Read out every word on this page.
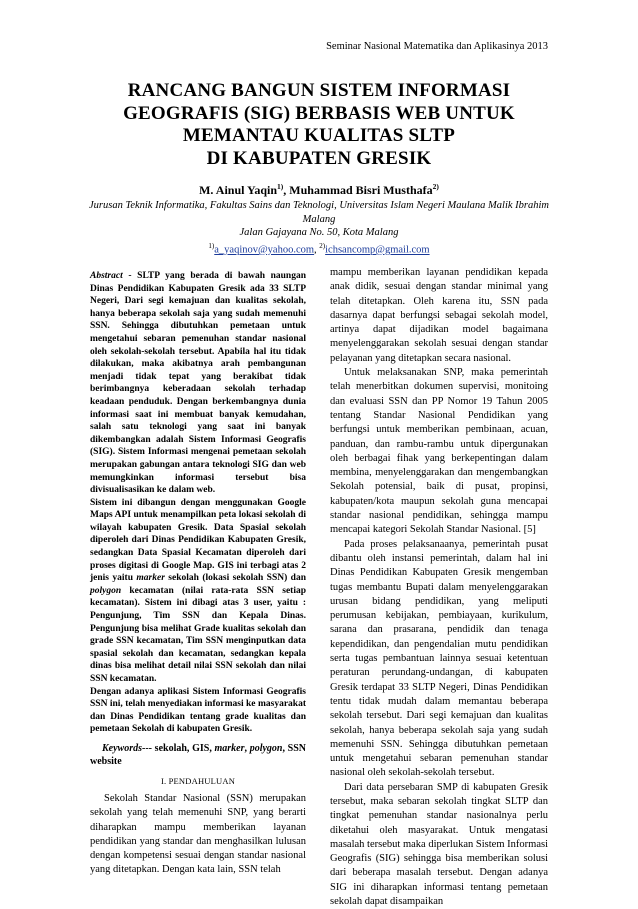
Seminar Nasional Matematika dan Aplikasinya 2013
RANCANG BANGUN SISTEM INFORMASI
GEOGRAFIS (SIG) BERBASIS WEB UNTUK
MEMANTAU KUALITAS SLTP
DI KABUPATEN GRESIK
M. Ainul Yaqin$^{1)}$, Muhammad Bisri Musthafa$^{2)}$
Jurusan Teknik Informatika, Fakultas Sains dan Teknologi, Universitas Islam Negeri Maulana Malik Ibrahim Malang
Jalan Gajayana No. 50, Kota Malang
$^{1)}$a_yaqinov@yahoo.com, $^{2)}$ichsancomp@gmail.com

Abstract - SLTP yang berada di bawah naungan Dinas Pendidikan Kabupaten Gresik ada 33 SLTP Negeri, Dari segi kemajuan dan kualitas sekolah, hanya beberapa sekolah saja yang sudah memenuhi SSN. Sehingga dibutuhkan pemetaan untuk mengetahui sebaran pemenuhan standar nasional oleh sekolah-sekolah tersebut. Apabila hal itu tidak dilakukan, maka akibatnya arah pembangunan menjadi tidak tepat yang berakibat tidak berimbangnya keberadaan sekolah terhadap keadaan penduduk. Dengan berkembangnya dunia informasi saat ini membuat banyak kemudahan, salah satu teknologi yang saat ini banyak dikembangkan adalah Sistem Informasi Geografis (SIG). Sistem Informasi mengenai pemetaan sekolah merupakan gabungan antara teknologi SIG dan web memungkinkan informasi tersebut bisa divisualisasikan ke dalam web.

Sistem ini dibangun dengan menggunakan Google Maps API untuk menampilkan peta lokasi sekolah di wilayah kabupaten Gresik. Data Spasial sekolah diperoleh dari Dinas Pendidikan Kabupaten Gresik, sedangkan Data Spasial Kecamatan diperoleh dari proses digitasi di Google Map. GIS ini terbagi atas 2 jenis yaitu marker sekolah (lokasi sekolah SSN) dan polygon kecamatan (nilai rata-rata SSN setiap kecamatan). Sistem ini dibagi atas 3 user, yaitu : Pengunjung, Tim SSN dan Kepala Dinas. Pengunjung bisa melihat Grade kualitas sekolah dan grade SSN kecamatan, Tim SSN menginputkan data spasial sekolah dan kecamatan, sedangkan kepala dinas bisa melihat detail nilai SSN sekolah dan nilai SSN kecamatan.

Dengan adanya aplikasi Sistem Informasi Geografis SSN ini, telah menyediakan informasi ke masyarakat dan Dinas Pendidikan tentang grade kualitas dan pemetaan Sekolah di kabupaten Gresik.

Keywords--- sekolah, GIS, marker, polygon, SSN website
I. PENDAHULUAN

Sekolah Standar Nasional (SSN) merupakan sekolah yang telah memenuhi SNP, yang berarti diharapkan mampu memberikan layanan pendidikan yang standar dan menghasilkan lulusan dengan kompetensi sesuai dengan standar nasional yang ditetapkan. Dengan kata lain, SSN telah

mampu memberikan layanan pendidikan kepada anak didik, sesuai dengan standar minimal yang telah ditetapkan. Oleh karena itu, SSN pada dasarnya dapat berfungsi sebagai sekolah model, artinya dapat dijadikan model bagaimana menyelenggarakan sekolah sesuai dengan standar pelayanan yang ditetapkan secara nasional.

Untuk melaksanakan SNP, maka pemerintah telah menerbitkan dokumen supervisi, monitoing dan evaluasi SSN dan PP Nomor 19 Tahun 2005 tentang Standar Nasional Pendidikan yang berfungsi untuk memberikan pembinaan, acuan, panduan, dan rambu-rambu untuk dipergunakan oleh berbagai fihak yang berkepentingan dalam membina, menyelenggarakan dan mengembangkan Sekolah potensial, baik di pusat, propinsi, kabupaten/kota maupun sekolah guna mencapai standar nasional pendidikan, sehingga mampu mencapai kategori Sekolah Standar Nasional. [5]

Pada proses pelaksanaanya, pemerintah pusat dibantu oleh instansi pemerintah, dalam hal ini Dinas Pendidikan Kabupaten Gresik mengemban tugas membantu Bupati dalam menyelenggarakan urusan bidang pendidikan, yang meliputi perumusan kebijakan, pembiayaan, kurikulum, sarana dan prasarana, pendidik dan tenaga kependidikan, dan pengendalian mutu pendidikan serta tugas pembantuan lainnya sesuai ketentuan peraturan perundang-undangan, di kabupaten Gresik terdapat 33 SLTP Negeri, Dinas Pendidikan tentu tidak mudah dalam memantau beberapa sekolah tersebut. Dari segi kemajuan dan kualitas sekolah, hanya beberapa sekolah saja yang sudah memenuhi SSN. Sehingga dibutuhkan pemetaan untuk mengetahui sebaran pemenuhan standar nasional oleh sekolah-sekolah tersebut.

Dari data persebaran SMP di kabupaten Gresik tersebut, maka sebaran sekolah tingkat SLTP dan tingkat pemenuhan standar nasionalnya perlu diketahui oleh masyarakat. Untuk mengatasi masalah tersebut maka diperlukan Sistem Informasi Geografis (SIG) sehingga bisa memberikan solusi dari beberapa masalah tersebut. Dengan adanya SIG ini diharapkan informasi tentang pemetaan sekolah dapat disampaikan
